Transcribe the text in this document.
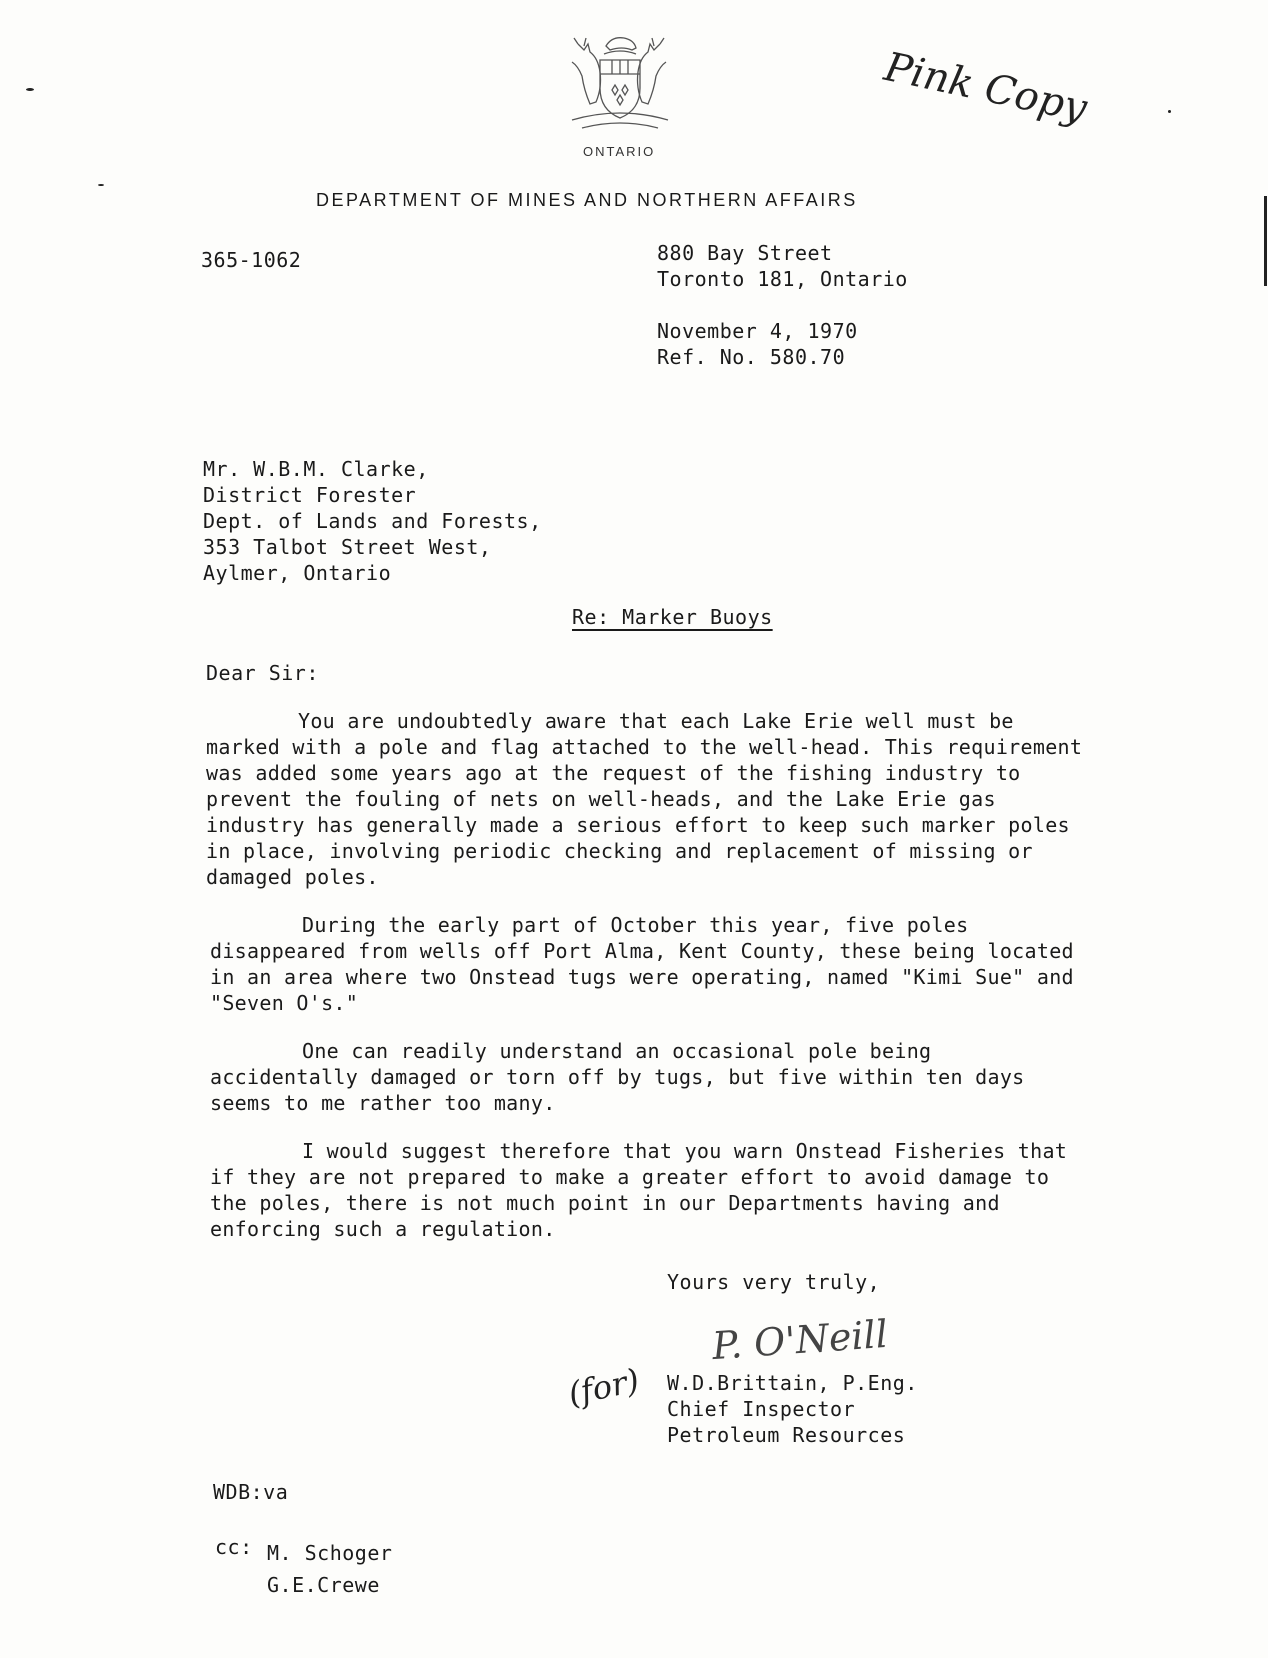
ONTARIO
DEPARTMENT OF MINES AND NORTHERN AFFAIRS
Pink Copy
365-1062	880 Bay Street
Toronto 181, Ontario
November 4, 1970
Ref. No. 580.70
Mr. W.B.M. Clarke,
District Forester
Dept. of Lands and Forests,
353 Talbot Street West,
Aylmer, Ontario
Re: Marker Buoys
Dear Sir:
You are undoubtedly aware that each Lake Erie well must be marked with a pole and flag attached to the well-head. This requirement was added some years ago at the request of the fishing industry to prevent the fouling of nets on well-heads, and the Lake Erie gas industry has generally made a serious effort to keep such marker poles in place, involving periodic checking and replacement of missing or damaged poles.
During the early part of October this year, five poles disappeared from wells off Port Alma, Kent County, these being located in an area where two Onstead tugs were operating, named "Kimi Sue" and "Seven O's."
One can readily understand an occasional pole being accidentally damaged or torn off by tugs, but five within ten days seems to me rather too many.
I would suggest therefore that you warn Onstead Fisheries that if they are not prepared to make a greater effort to avoid damage to the poles, there is not much point in our Departments having and enforcing such a regulation.
Yours very truly,
P. O'Neill
(for) W.D.Brittain, P.Eng.
Chief Inspector
Petroleum Resources
WDB:va
cc: M. Schoger
G.E.Crewe
